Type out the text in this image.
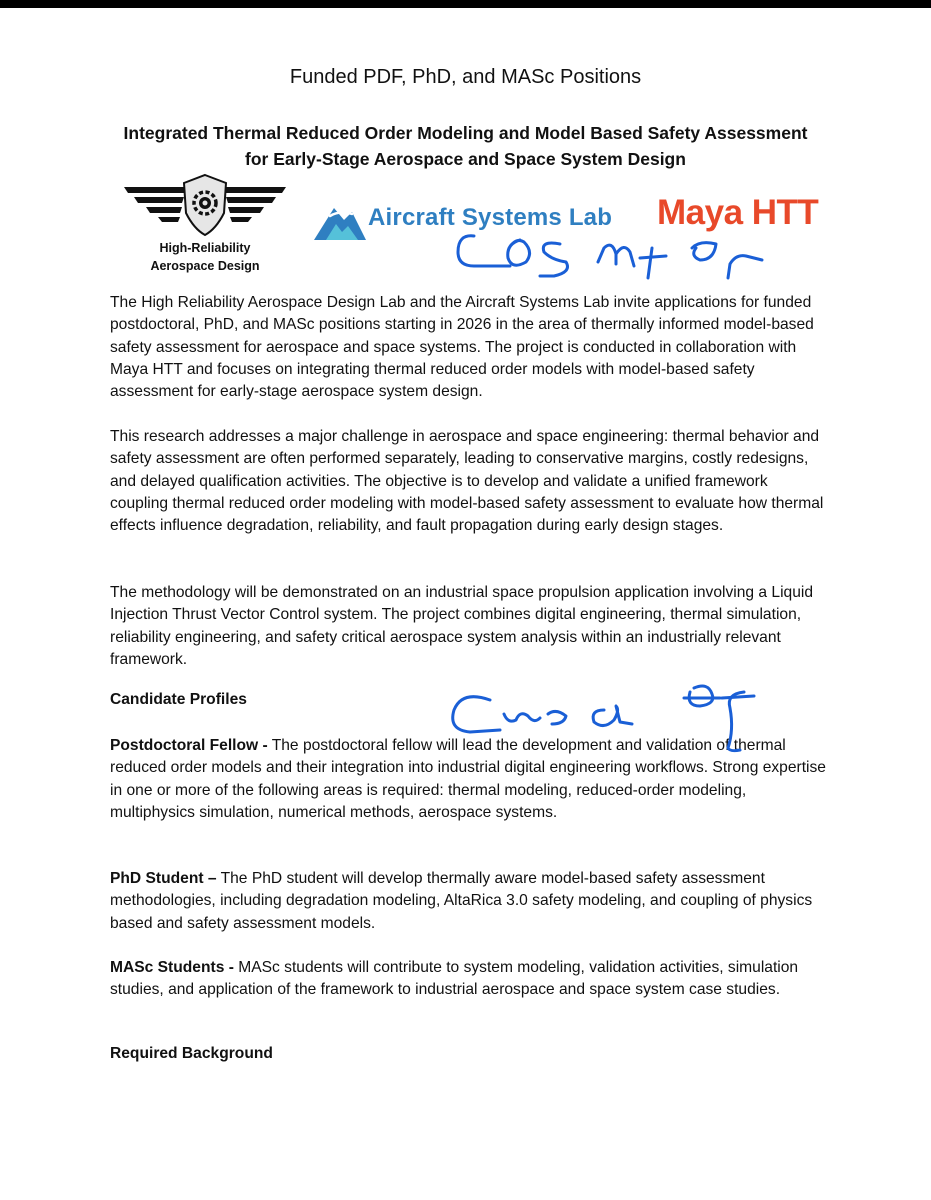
Funded PDF, PhD, and MASc Positions
Integrated Thermal Reduced Order Modeling and Model Based Safety Assessment for Early-Stage Aerospace and Space System Design
High-Reliability
Aerospace Design
Aircraft Systems Lab Maya HTT
The High Reliability Aerospace Design Lab and the Aircraft Systems Lab invite applications for funded postdoctoral, PhD, and MASc positions starting in 2026 in the area of thermally informed model-based safety assessment for aerospace and space systems. The project is conducted in collaboration with Maya HTT and focuses on integrating thermal reduced order models with model-based safety assessment for early-stage aerospace system design.
This research addresses a major challenge in aerospace and space engineering: thermal behavior and safety assessment are often performed separately, leading to conservative margins, costly redesigns, and delayed qualification activities. The objective is to develop and validate a unified framework coupling thermal reduced order modeling with model-based safety assessment to evaluate how thermal effects influence degradation, reliability, and fault propagation during early design stages.
The methodology will be demonstrated on an industrial space propulsion application involving a Liquid Injection Thrust Vector Control system. The project combines digital engineering, thermal simulation, reliability engineering, and safety critical aerospace system analysis within an industrially relevant framework.
Candidate Profiles
Postdoctoral Fellow - The postdoctoral fellow will lead the development and validation of thermal reduced order models and their integration into industrial digital engineering workflows. Strong expertise in one or more of the following areas is required: thermal modeling, reduced-order modeling, multiphysics simulation, numerical methods, aerospace systems.
PhD Student – The PhD student will develop thermally aware model-based safety assessment methodologies, including degradation modeling, AltaRica 3.0 safety modeling, and coupling of physics based and safety assessment models.
MASc Students - MASc students will contribute to system modeling, validation activities, simulation studies, and application of the framework to industrial aerospace and space system case studies.
Required Background
